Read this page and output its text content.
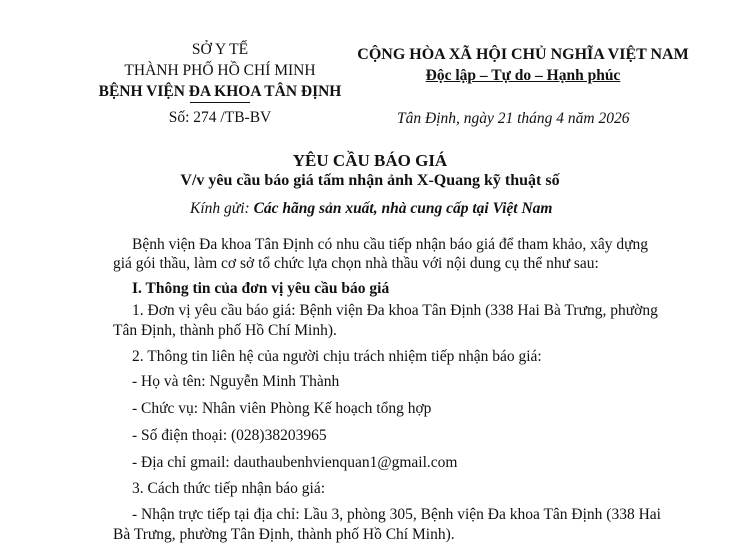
SỞ Y TẾ
THÀNH PHỐ HỒ CHÍ MINH
BỆNH VIỆN ĐA KHOA TÂN ĐỊNH
Số: 274 /TB-BV
CỘNG HÒA XÃ HỘI CHỦ NGHĨA VIỆT NAM
Độc lập – Tự do – Hạnh phúc
Tân Định, ngày 21 tháng 4 năm 2026
YÊU CẦU BÁO GIÁ
V/v yêu cầu báo giá tấm nhận ảnh X-Quang kỹ thuật số
Kính gửi: Các hãng sản xuất, nhà cung cấp tại Việt Nam
Bệnh viện Đa khoa Tân Định có nhu cầu tiếp nhận báo giá để tham khảo, xây dựng
giá gói thầu, làm cơ sở tổ chức lựa chọn nhà thầu với nội dung cụ thể như sau:
I. Thông tin của đơn vị yêu cầu báo giá
1. Đơn vị yêu cầu báo giá: Bệnh viện Đa khoa Tân Định (338 Hai Bà Trưng, phường
Tân Định, thành phố Hồ Chí Minh).
2. Thông tin liên hệ của người chịu trách nhiệm tiếp nhận báo giá:
- Họ và tên: Nguyễn Minh Thành
- Chức vụ: Nhân viên Phòng Kế hoạch tổng hợp
- Số điện thoại: (028)38203965
- Địa chỉ gmail: dauthaubenhvienquan1@gmail.com
3. Cách thức tiếp nhận báo giá:
- Nhận trực tiếp tại địa chỉ: Lầu 3, phòng 305, Bệnh viện Đa khoa Tân Định (338 Hai
Bà Trưng, phường Tân Định, thành phố Hồ Chí Minh).
